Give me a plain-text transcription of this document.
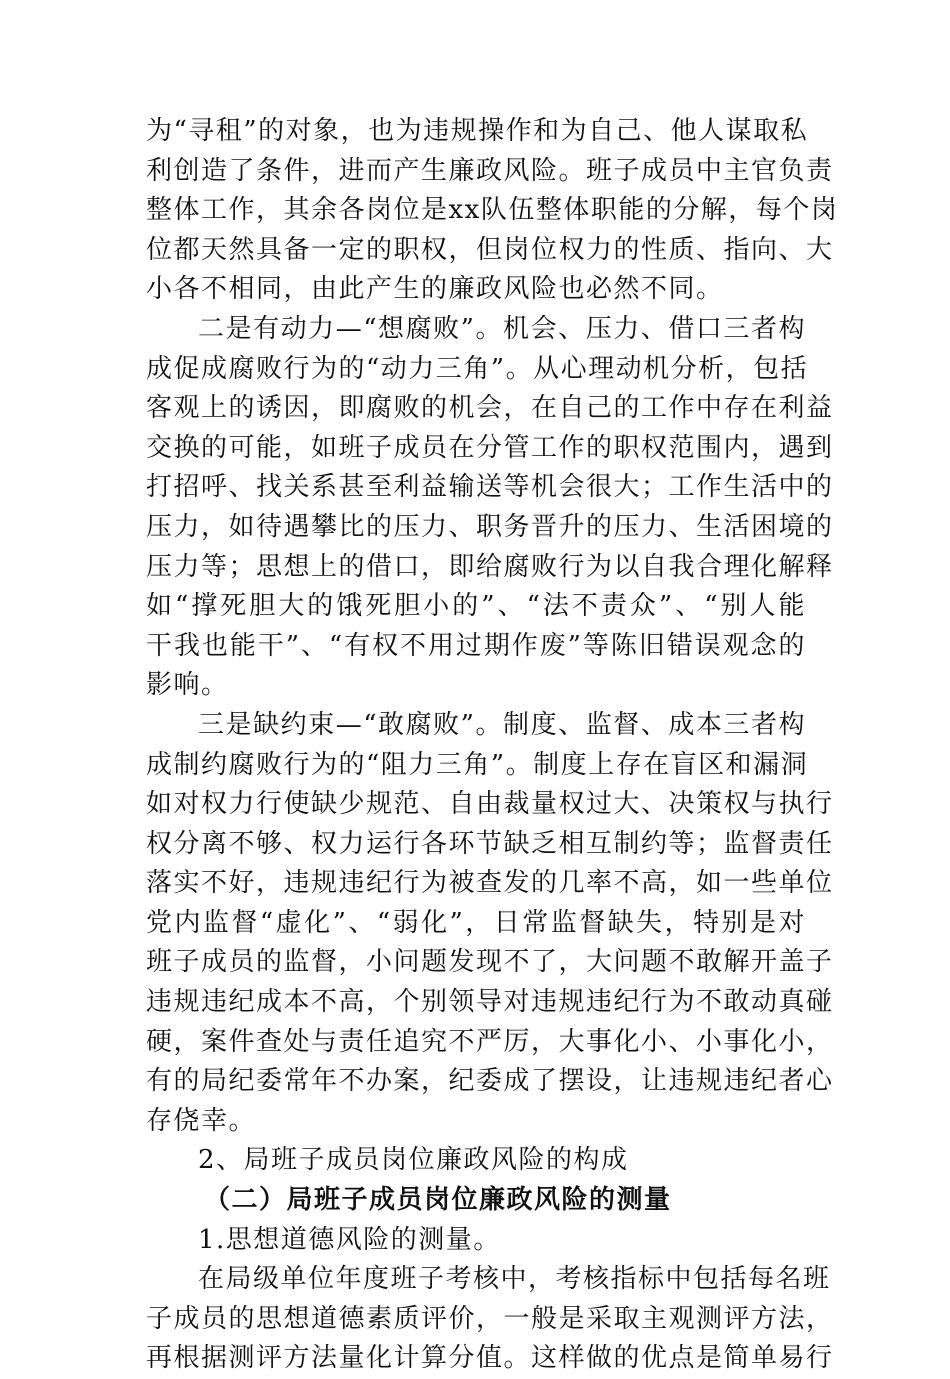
为“寻租”的对象，也为违规操作和为自己、他人谋取私
利创造了条件，进而产生廉政风险。班子成员中主官负责
整体工作，其余各岗位是xx队伍整体职能的分解，每个岗
位都天然具备一定的职权，但岗位权力的性质、指向、大
小各不相同，由此产生的廉政风险也必然不同。

二是有动力—“想腐败”。机会、压力、借口三者构
成促成腐败行为的“动力三角”。从心理动机分析，包括
客观上的诱因，即腐败的机会，在自己的工作中存在利益
交换的可能，如班子成员在分管工作的职权范围内，遇到
打招呼、找关系甚至利益输送等机会很大；工作生活中的
压力，如待遇攀比的压力、职务晋升的压力、生活困境的
压力等；思想上的借口，即给腐败行为以自我合理化解释
如“撑死胆大的饿死胆小的”、“法不责众”、“别人能
干我也能干”、“有权不用过期作废”等陈旧错误观念的
影响。

三是缺约束—“敢腐败”。制度、监督、成本三者构
成制约腐败行为的“阻力三角”。制度上存在盲区和漏洞
如对权力行使缺少规范、自由裁量权过大、决策权与执行
权分离不够、权力运行各环节缺乏相互制约等；监督责任
落实不好，违规违纪行为被查发的几率不高，如一些单位
党内监督“虚化”、“弱化”，日常监督缺失，特别是对
班子成员的监督，小问题发现不了，大问题不敢解开盖子
违规违纪成本不高，个别领导对违规违纪行为不敢动真碰
硬，案件查处与责任追究不严厉，大事化小、小事化小，
有的局纪委常年不办案，纪委成了摆设，让违规违纪者心
存侥幸。

2、局班子成员岗位廉政风险的构成

（二）局班子成员岗位廉政风险的测量

1.思想道德风险的测量。

在局级单位年度班子考核中，考核指标中包括每名班
子成员的思想道德素质评价，一般是采取主观测评方法，
再根据测评方法量化计算分值。这样做的优点是简单易行
